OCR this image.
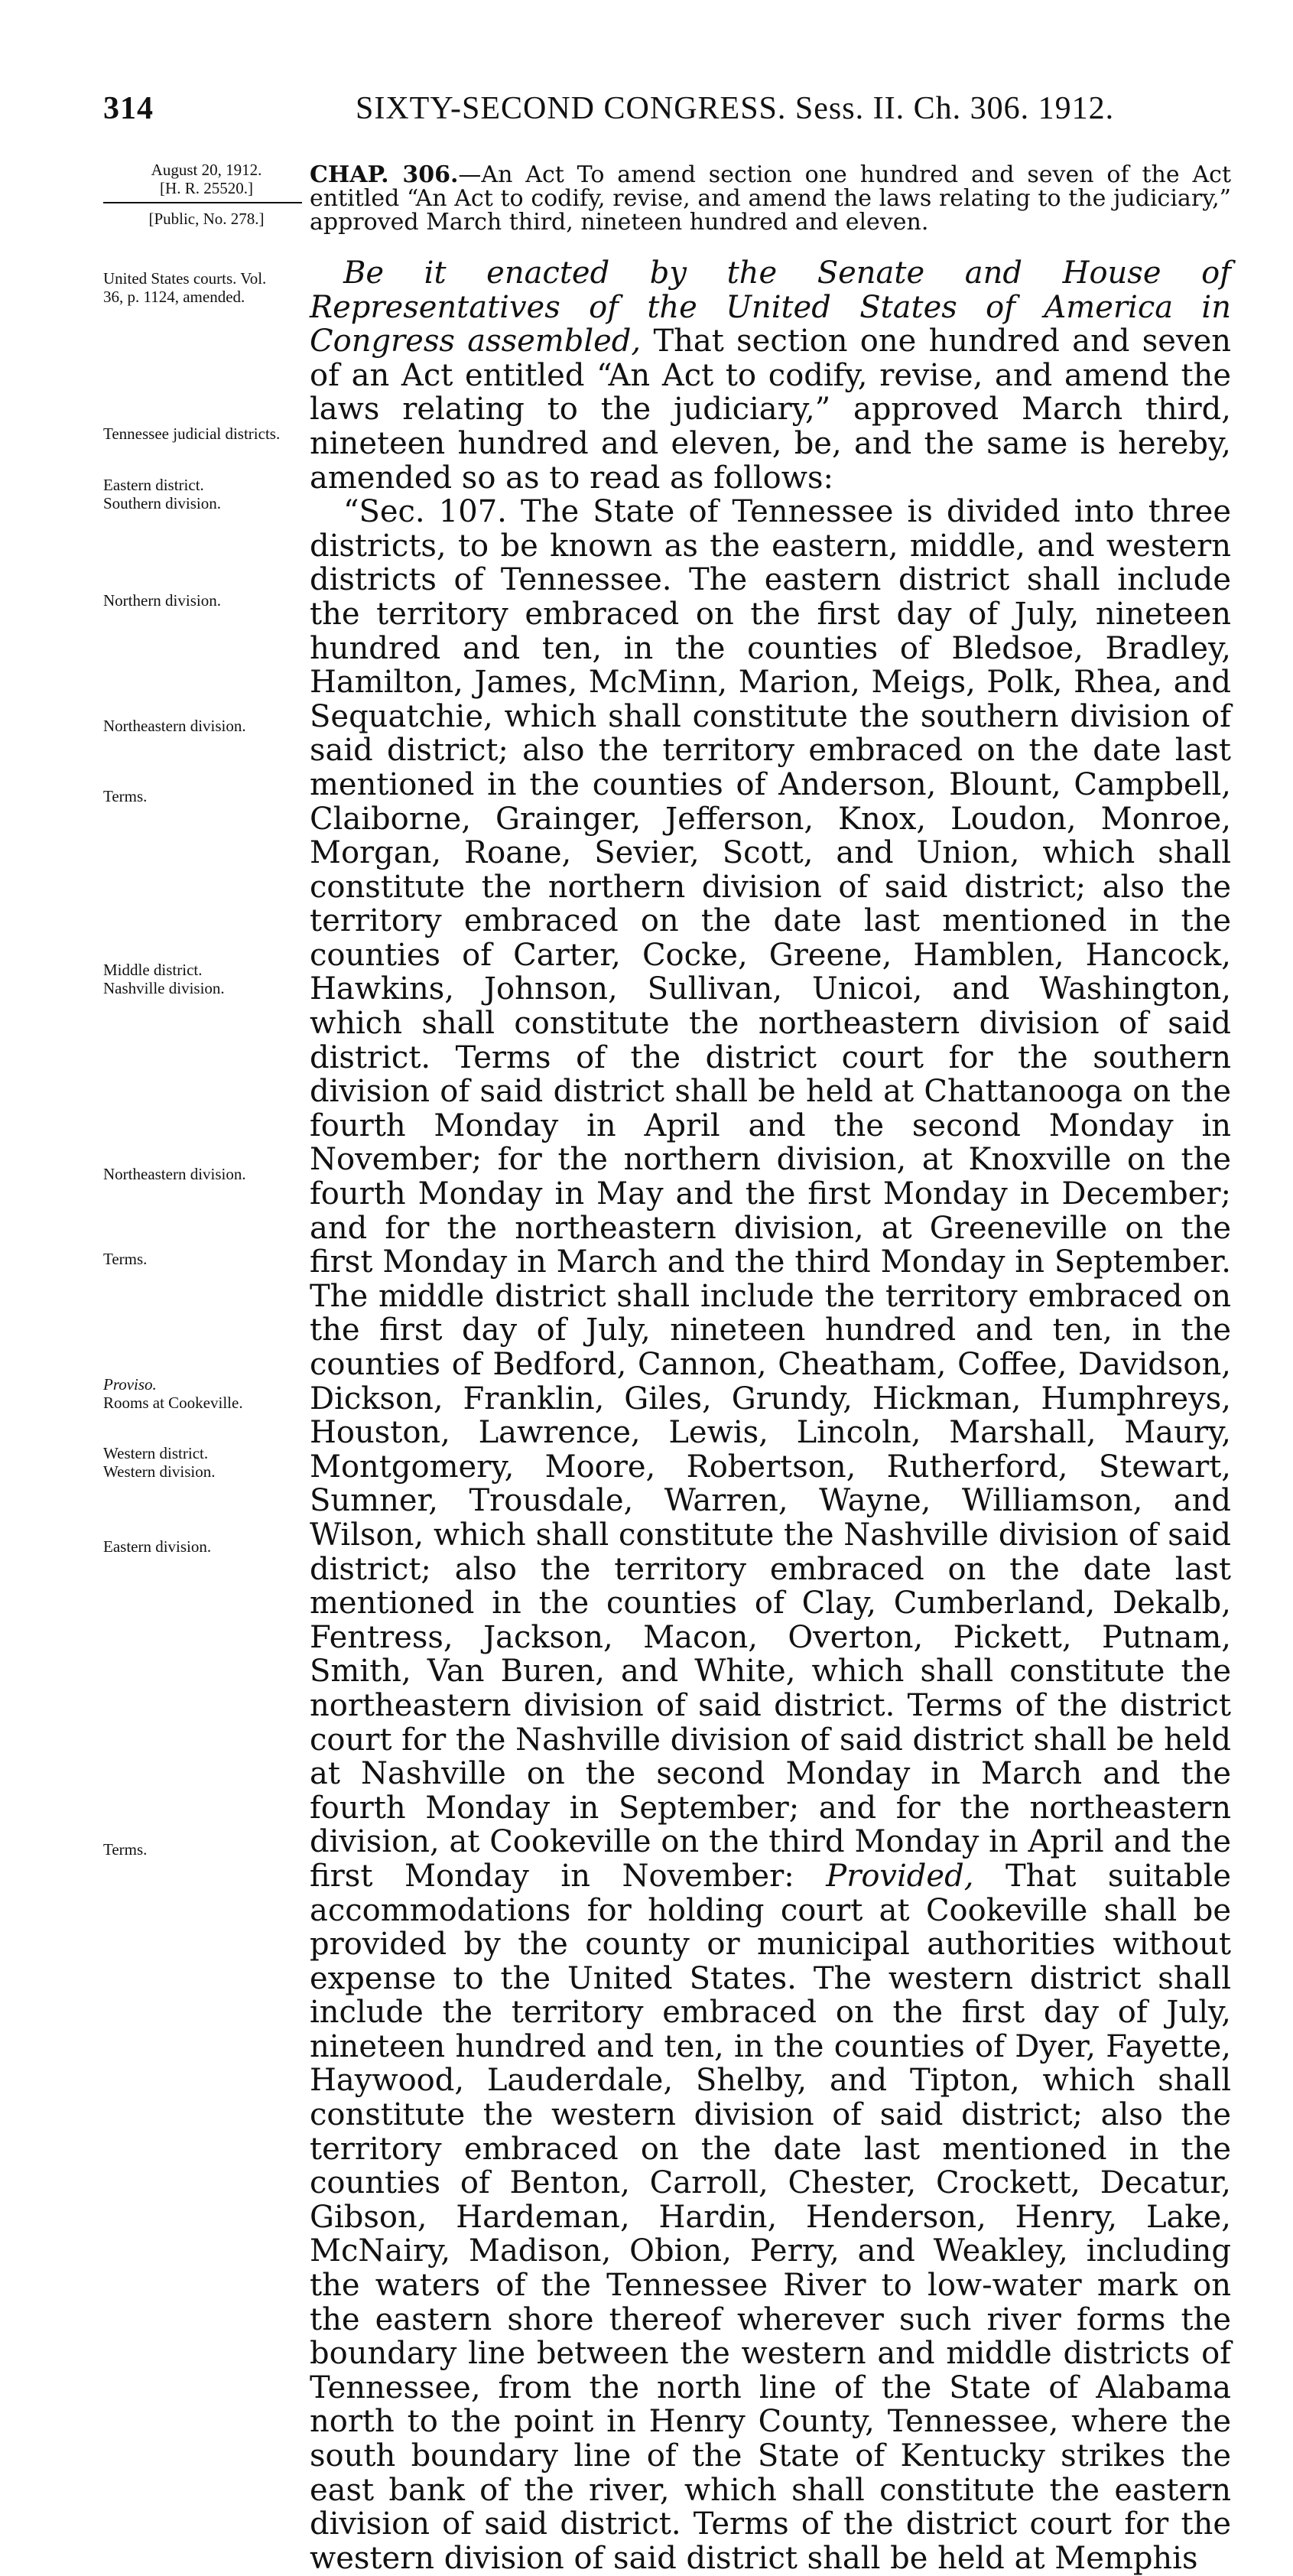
314	SIXTY-SECOND CONGRESS. Sess. II. Ch. 306. 1912.
August 20, 1912.
[H. R. 25520.]
[Public, No. 278.]
United States courts. Vol. 36, p. 1124, amended.
Tennessee judicial districts.
Eastern district.
Southern division.
Northern division.
Northeastern division.
Terms.
Middle district.
Nashville division.
Northeastern division.
Terms.
Proviso.
Rooms at Cookeville.
Western district.
Western division.
Eastern division.
Terms.
CHAP. 306.—An Act To amend section one hundred and seven of the Act entitled “An Act to codify, revise, and amend the laws relating to the judiciary,” approved March third, nineteen hundred and eleven.

Be it enacted by the Senate and House of Representatives of the United States of America in Congress assembled, That section one hundred and seven of an Act entitled “An Act to codify, revise, and amend the laws relating to the judiciary,” approved March third, nineteen hundred and eleven, be, and the same is hereby, amended so as to read as follows:

“Sec. 107. The State of Tennessee is divided into three districts, to be known as the eastern, middle, and western districts of Tennessee. The eastern district shall include the territory embraced on the first day of July, nineteen hundred and ten, in the counties of Bledsoe, Bradley, Hamilton, James, McMinn, Marion, Meigs, Polk, Rhea, and Sequatchie, which shall constitute the southern division of said district; also the territory embraced on the date last mentioned in the counties of Anderson, Blount, Campbell, Claiborne, Grainger, Jefferson, Knox, Loudon, Monroe, Morgan, Roane, Sevier, Scott, and Union, which shall constitute the northern division of said district; also the territory embraced on the date last mentioned in the counties of Carter, Cocke, Greene, Hamblen, Hancock, Hawkins, Johnson, Sullivan, Unicoi, and Washington, which shall constitute the northeastern division of said district. Terms of the district court for the southern division of said district shall be held at Chattanooga on the fourth Monday in April and the second Monday in November; for the northern division, at Knoxville on the fourth Monday in May and the first Monday in December; and for the northeastern division, at Greeneville on the first Monday in March and the third Monday in September. The middle district shall include the territory embraced on the first day of July, nineteen hundred and ten, in the counties of Bedford, Cannon, Cheatham, Coffee, Davidson, Dickson, Franklin, Giles, Grundy, Hickman, Humphreys, Houston, Lawrence, Lewis, Lincoln, Marshall, Maury, Montgomery, Moore, Robertson, Rutherford, Stewart, Sumner, Trousdale, Warren, Wayne, Williamson, and Wilson, which shall constitute the Nashville division of said district; also the territory embraced on the date last mentioned in the counties of Clay, Cumberland, Dekalb, Fentress, Jackson, Macon, Overton, Pickett, Putnam, Smith, Van Buren, and White, which shall constitute the northeastern division of said district. Terms of the district court for the Nashville division of said district shall be held at Nashville on the second Monday in March and the fourth Monday in September; and for the northeastern division, at Cookeville on the third Monday in April and the first Monday in November: Provided, That suitable accommodations for holding court at Cookeville shall be provided by the county or municipal authorities without expense to the United States. The western district shall include the territory embraced on the first day of July, nineteen hundred and ten, in the counties of Dyer, Fayette, Haywood, Lauderdale, Shelby, and Tipton, which shall constitute the western division of said district; also the territory embraced on the date last mentioned in the counties of Benton, Carroll, Chester, Crockett, Decatur, Gibson, Hardeman, Hardin, Henderson, Henry, Lake, McNairy, Madison, Obion, Perry, and Weakley, including the waters of the Tennessee River to low-water mark on the eastern shore thereof wherever such river forms the boundary line between the western and middle districts of Tennessee, from the north line of the State of Alabama north to the point in Henry County, Tennessee, where the south boundary line of the State of Kentucky strikes the east bank of the river, which shall constitute the eastern division of said district. Terms of the district court for the western division of said district shall be held at Memphis
